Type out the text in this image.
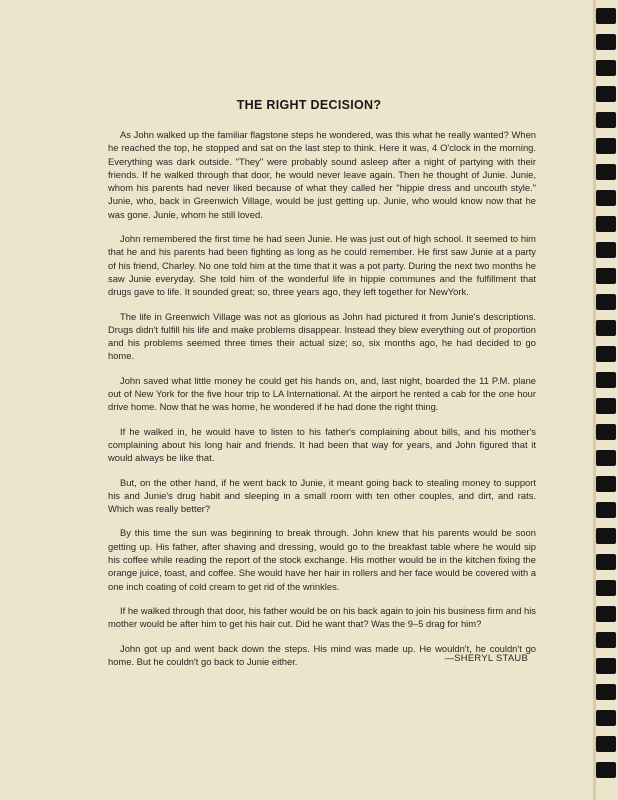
THE RIGHT DECISION?

As John walked up the familiar flagstone steps he wondered, was this what he really wanted? When he reached the top, he stopped and sat on the last step to think. Here it was, 4 O'clock in the morning. Everything was dark outside. "They" were probably sound asleep after a night of partying with their friends. If he walked through that door, he would never leave again. Then he thought of Junie. Junie, whom his parents had never liked because of what they called her "hippie dress and uncouth style." Junie, who, back in Greenwich Village, would be just getting up. Junie, who would know now that he was gone. Junie, whom he still loved.

John remembered the first time he had seen Junie. He was just out of high school. It seemed to him that he and his parents had been fighting as long as he could remember. He first saw Junie at a party of his friend, Charley. No one told him at the time that it was a pot party. During the next two months he saw Junie everyday. She told him of the wonderful life in hippie communes and the fulfillment that drugs gave to life. It sounded great; so, three years ago, they left together for NewYork.

The life in Greenwich Village was not as glorious as John had pictured it from Junie's descriptions. Drugs didn't fulfill his life and make problems disappear. Instead they blew everything out of proportion and his problems seemed three times their actual size; so, six months ago, he had decided to go home.

John saved what little money he could get his hands on, and, last night, boarded the 11 P.M. plane out of New York for the five hour trip to LA International. At the airport he rented a cab for the one hour drive home. Now that he was home, he wondered if he had done the right thing.

If he walked in, he would have to listen to his father's complaining about bills, and his mother's complaining about his long hair and friends. It had been that way for years, and John figured that it would always be like that.

But, on the other hand, if he went back to Junie, it meant going back to stealing money to support his and Junie's drug habit and sleeping in a small room with ten other couples, and dirt, and rats. Which was really better?

By this time the sun was beginning to break through. John knew that his parents would be soon getting up. His father, after shaving and dressing, would go to the breakfast table where he would sip his coffee while reading the report of the stock exchange. His mother would be in the kitchen fixing the orange juice, toast, and coffee. She would have her hair in rollers and her face would be covered with a one inch coating of cold cream to get rid of the wrinkles.

If he walked through that door, his father would be on his back again to join his business firm and his mother would be after him to get his hair cut. Did he want that? Was the 9–5 drag for him?

John got up and went back down the steps. His mind was made up. He wouldn't, he couldn't go home. But he couldn't go back to Junie either.	—SHERYL STAUB
